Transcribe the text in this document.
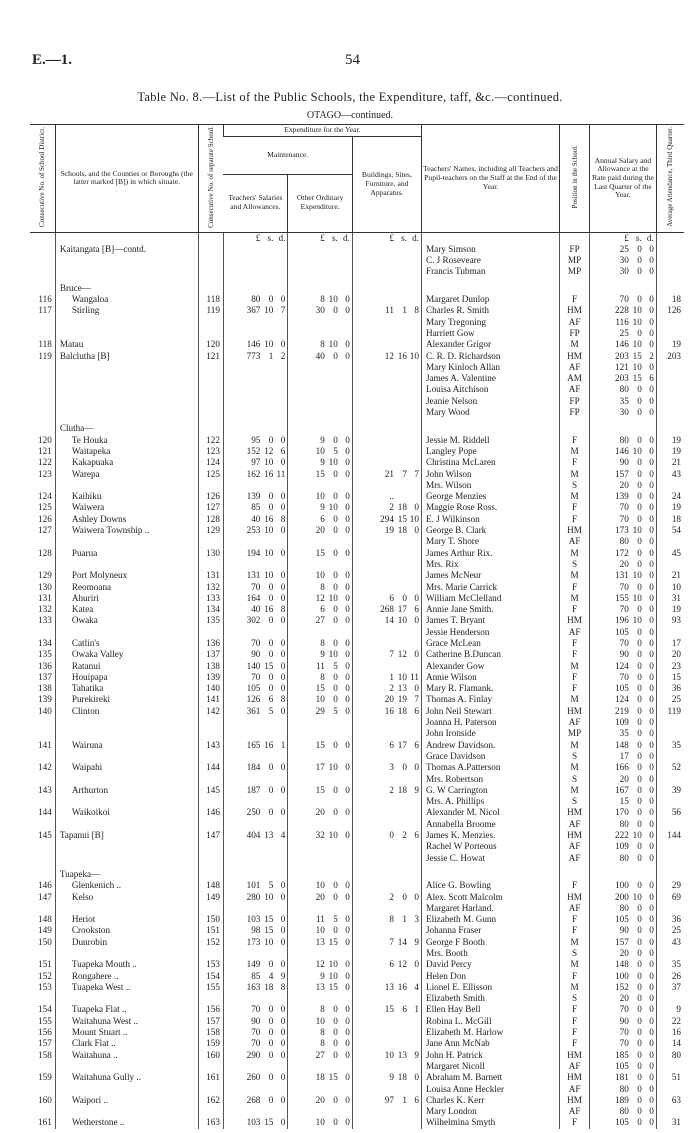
E.—1.	54
Table No. 8.—List of the Public Schools, the Expenditure, taff, &c.—continued.
OTAGO—continued.
Consecutive No. of School District.	Schools, and the Counties or Boroughs (the latter marked [B]) in which situate.	Consecutive No. of separate School.	Expenditure for the Year.			Teachers' Names, including all Teachers and Pupil-teachers on the Staff at the End of the Year.	Position in the School.	Annual Salary and Allowance at the Rate paid during the Last Quarter of the Year.	Average Attendance, Third Quarter.
			Maintenance.		Buildings, Sites, Furniture, and Apparatus.				
			Teachers' Salaries and Allowances.	Other Ordinary Expenditure.					

			£ s. d.	£ s. d.	£ s. d.			£ s. d.	

	Kaitangata [B]—contd.					Mary Simson	FP	25 0 0	

	C. J Roseveare	MP	30 0 0	

	Francis Tubman	MP	30 0 0	

	Bruce—		

116	Wangaloa	118	80 0 0	8 10 0		Margaret Dunlop	F	70 0 0	18
117	Stirling	119	367 10 7	30 0 0	11 1 8	Charles R. Smith	HM	228 10 0	126

	Mary Tregoning	AF	116 10 0	

	Harriett Gow	FP	25 0 0	

118	Matau	120	146 10 0	8 10 0		Alexander Grigor	M	146 10 0	19
119	Balclutha [B]	121	773 1 2	40 0 0	12 16 10	C. R. D. Richardson	HM	203 15 2	203

	Mary Kinloch Allan	AF	121 10 0	

	James A. Valentine	AM	203 15 6	

	Louisa Aitchison	AF	80 0 0	

	Jeanie Nelson	FP	35 0 0	

	Mary Wood	FP	30 0 0	

	Clutha—		

120	Te Houka	122	95 0 0	9 0 0		Jessie M. Riddell	F	80 0 0	19
121	Waitapeka	123	152 12 6	10 5 0		Langley Pope	M	146 10 0	19
122	Kakapuaka	124	97 10 0	9 10 0		Christina McLaren	F	90 0 0	21
123	Warepa	125	162 16 11	15 0 0	21 7 7	John Wilson	M	157 0 0	43

	Mrs. Wilson	S	20 0 0	

124	Kaihiku	126	139 0 0	10 0 0	..	George Menzies	M	139 0 0	24
125	Waiwera	127	85 0 0	9 10 0	2 18 0	Maggie Rose Ross.	F	70 0 0	19
126	Ashley Downs	128	40 16 8	6 0 0	294 15 10	E. J Wilkinson	F	70 0 0	18
127	Waiwera Township ..	129	253 10 0	20 0 0	19 18 0	George B. Clark	HM	173 10 0	54

	Mary T. Shore	AF	80 0 0	

128	Puarua	130	194 10 0	15 0 0		James Arthur Rix.	M	172 0 0	45

	Mrs. Rix	S	20 0 0	

129	Port Molyneux	131	131 10 0	10 0 0		James McNeur	M	131 10 0	21
130	Reomoana	132	70 0 0	8 0 0		Mrs. Marie Carrick	F	70 0 0	10
131	Ahuriri	133	164 0 0	12 10 0	6 0 0	William McClelland	M	155 10 0	31
132	Katea	134	40 16 8	6 0 0	268 17 6	Annie Jane Smith.	F	70 0 0	19
133	Owaka	135	302 0 0	27 0 0	14 10 0	James T. Bryant	HM	196 10 0	93

	Jessie Henderson	AF	105 0 0	

134	Catlin's	136	70 0 0	8 0 0		Grace McLean	F	70 0 0	17
135	Owaka Valley	137	90 0 0	9 10 0	7 12 0	Catherine B.Duncan	F	90 0 0	20
136	Ratanui	138	140 15 0	11 5 0		Alexander Gow	M	124 0 0	23
137	Houipapa	139	70 0 0	8 0 0	1 10 11	Annie Wilson	F	70 0 0	15
138	Tahatika	140	105 0 0	15 0 0	2 13 0	Mary R. Flamank.	F	105 0 0	36
139	Purekireki	141	126 6 8	10 0 0	20 19 7	Thomas A. Finlay	M	124 0 0	25
140	Clinton	142	361 5 0	29 5 0	16 18 6	John Neil Stewart	HM	219 0 0	119

	Joanna H. Paterson	AF	109 0 0	

	John Ironside	MP	35 0 0	

141	Wairuna	143	165 16 1	15 0 0	6 17 6	Andrew Davidson.	M	148 0 0	35

	Grace Davidson	S	17 0 0	

142	Waipahi	144	184 0 0	17 10 0	3 0 0	Thomas A.Patterson	M	166 0 0	52

	Mrs. Robertson	S	20 0 0	

143	Arthurton	145	187 0 0	15 0 0	2 18 9	G. W Carrington	M	167 0 0	39

	Mrs. A. Phillips	S	15 0 0	

144	Waikoikoi	146	250 0 0	20 0 0		Alexander M. Nicol	HM	170 0 0	56

	Annabella Broome	AF	80 0 0	

145	Tapanui [B]	147	404 13 4	32 10 0	0 2 6	James K. Menzies.	HM	222 10 0	144

	Rachel W Porteous	AF	109 0 0	

	Jessie C. Howat	AF	80 0 0	

	Tuapeka—		

146	Glenkenich ..	148	101 5 0	10 0 0		Alice G. Bowling	F	100 0 0	29
147	Kelso	149	280 10 0	20 0 0	2 0 0	Alex. Scott Malcolm	HM	200 10 0	69

	Margaret Harland.	AF	80 0 0	

148	Heriot	150	103 15 0	11 5 0	8 1 3	Elizabeth M. Gunn	F	105 0 0	36
149	Crookston	151	98 15 0	10 0 0		Johanna Fraser	F	90 0 0	25
150	Dunrobin	152	173 10 0	13 15 0	7 14 9	George F Booth	M	157 0 0	43

	Mrs. Booth	S	20 0 0	

151	Tuapeka Mouth ..	153	149 0 0	12 10 0	6 12 0	David Percy	M	148 0 0	35
152	Rongahere ..	154	85 4 9	9 10 0		Helen Don	F	100 0 0	26
153	Tuapeka West ..	155	163 18 8	13 15 0	13 16 4	Lionel E. Ellisson	M	152 0 0	37

	Elizabeth Smith	S	20 0 0	

154	Tuapeka Flat ..	156	70 0 0	8 0 0	15 6 1	Ellen Hay Bell	F	70 0 0	9
155	Waitahuna West ..	157	90 0 0	10 0 0		Robina L. McGill	F	90 0 0	22
156	Mount Stuart ..	158	70 0 0	8 0 0		Elizabeth M. Harlow	F	70 0 0	16
157	Clark Flat ..	159	70 0 0	8 0 0		Jane Ann McNab	F	70 0 0	14
158	Waitahuna ..	160	290 0 0	27 0 0	10 13 9	John H. Patrick	HM	185 0 0	80

	Margaret Nicoll	AF	105 0 0	

159	Waitahuna Gully ..	161	260 0 0	18 15 0	9 18 0	Abraham M. Barnett	HM	181 0 0	51

	Louisa Anne Heckler	AF	80 0 0	

160	Waipori ..	162	268 0 0	20 0 0	97 1 6	Charles K. Kerr	HM	189 0 0	63

	Mary London	AF	80 0 0	

161	Wetherstone ..	163	103 15 0	10 0 0		Wilhelmina Smyth	F	105 0 0	31
